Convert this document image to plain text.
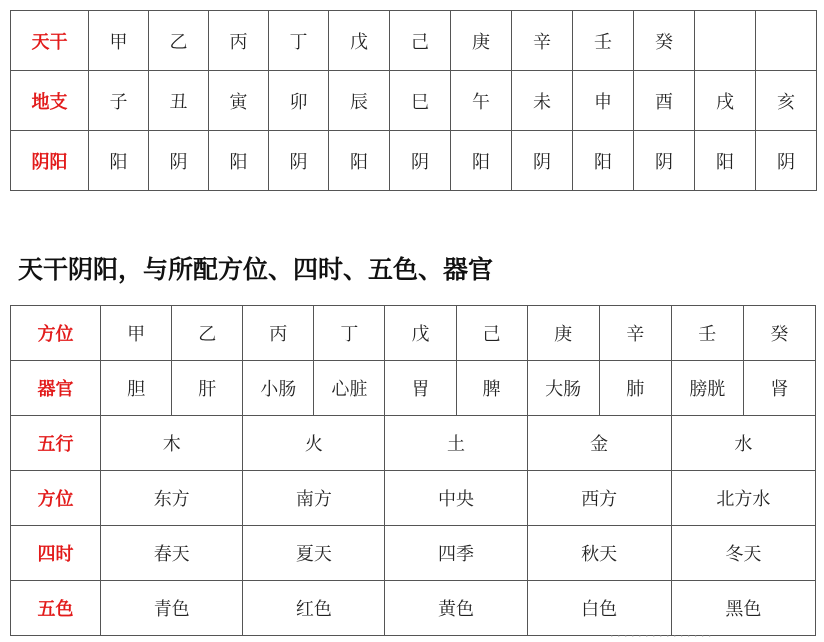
天干	甲	乙	丙	丁	戊	己	庚	辛	壬	癸		
地支	子	丑	寅	卯	辰	巳	午	未	申	酉	戌	亥
阴阳	阳	阴	阳	阴	阳	阴	阳	阴	阳	阴	阳	阴
天干阴阳，与所配方位、四时、五色、器官
方位	甲	乙	丙	丁	戊	己	庚	辛	壬	癸
器官	胆	肝	小肠	心脏	胃	脾	大肠	肺	膀胱	肾
五行	木		火		土		金		水	
方位	东方		南方		中央		西方		北方水	
四时	春天		夏天		四季		秋天		冬天	
五色	青色		红色		黄色		白色		黑色	
· · · · · · · · · · · · · · ·
